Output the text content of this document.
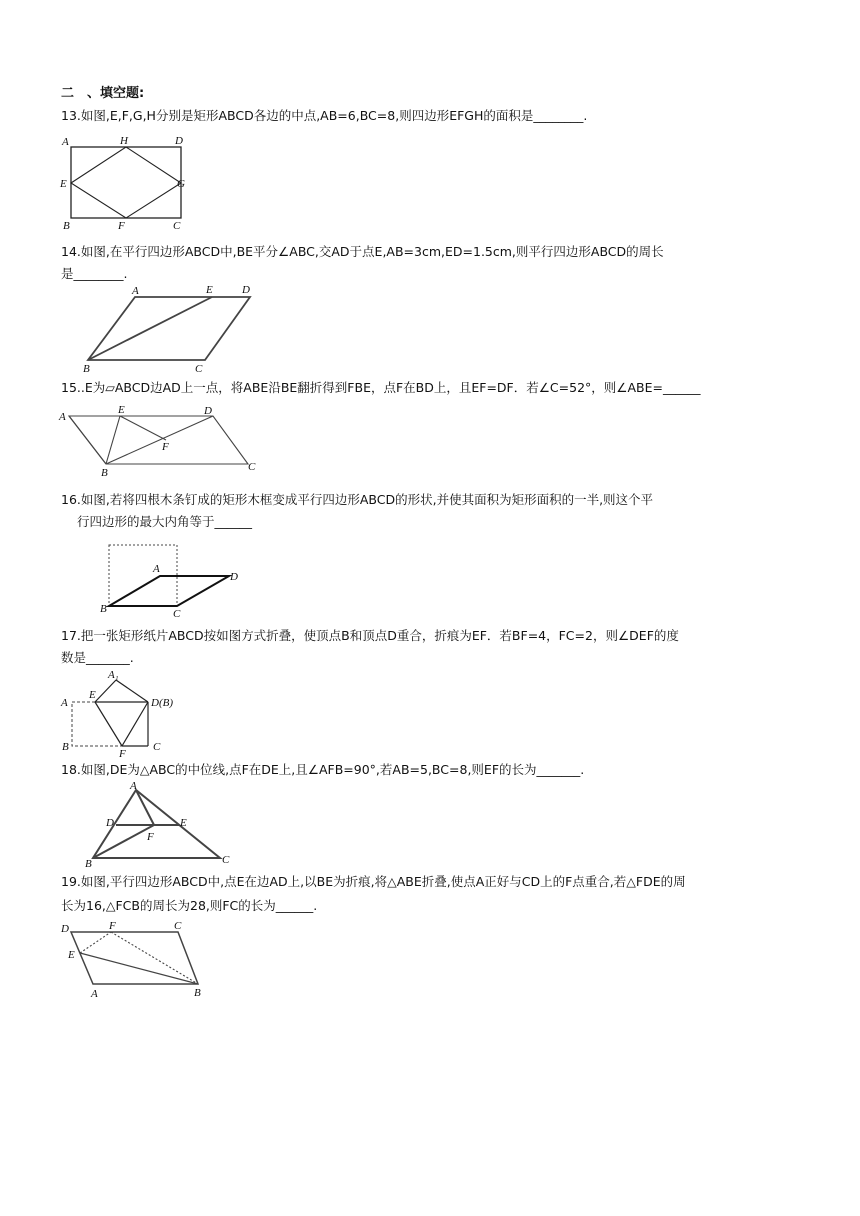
二　、填空题:
13.如图,E,F,G,H分别是矩形ABCD各边的中点,AB=6,BC=8,则四边形EFGH的面积是________.
A	H	D
E	G
B	F	C
14.如图,在平行四边形ABCD中,BE平分∠ABC,交AD于点E,AB=3cm,ED=1.5cm,则平行四边形ABCD的周长
是________.
A	E	D
B	C
15..E为▱ABCD边AD上一点，将ABE沿BE翻折得到FBE，点F在BD上，且EF=DF．若∠C=52°，则∠ABE=______
A
E	D
F
B	C
16.如图,若将四根木条钉成的矩形木框变成平行四边形ABCD的形状,并使其面积为矩形面积的一半,则这个平
行四边形的最大内角等于______
A
D
B	C
17.把一张矩形纸片ABCD按如图方式折叠，使顶点B和顶点D重合，折痕为EF．若BF=4，FC=2，则∠DEF的度
数是_______.
A₁
E
A	D(B)
B
F
C
18.如图,DE为△ABC的中位线,点F在DE上,且∠AFB=90°,若AB=5,BC=8,则EF的长为_______.
A
D	E
F
B	C
19.如图,平行四边形ABCD中,点E在边AD上,以BE为折痕,将△ABE折叠,使点A正好与CD上的F点重合,若△FDE的周
长为16,△FCB的周长为28,则FC的长为______.
D	F	C
E
A	B
